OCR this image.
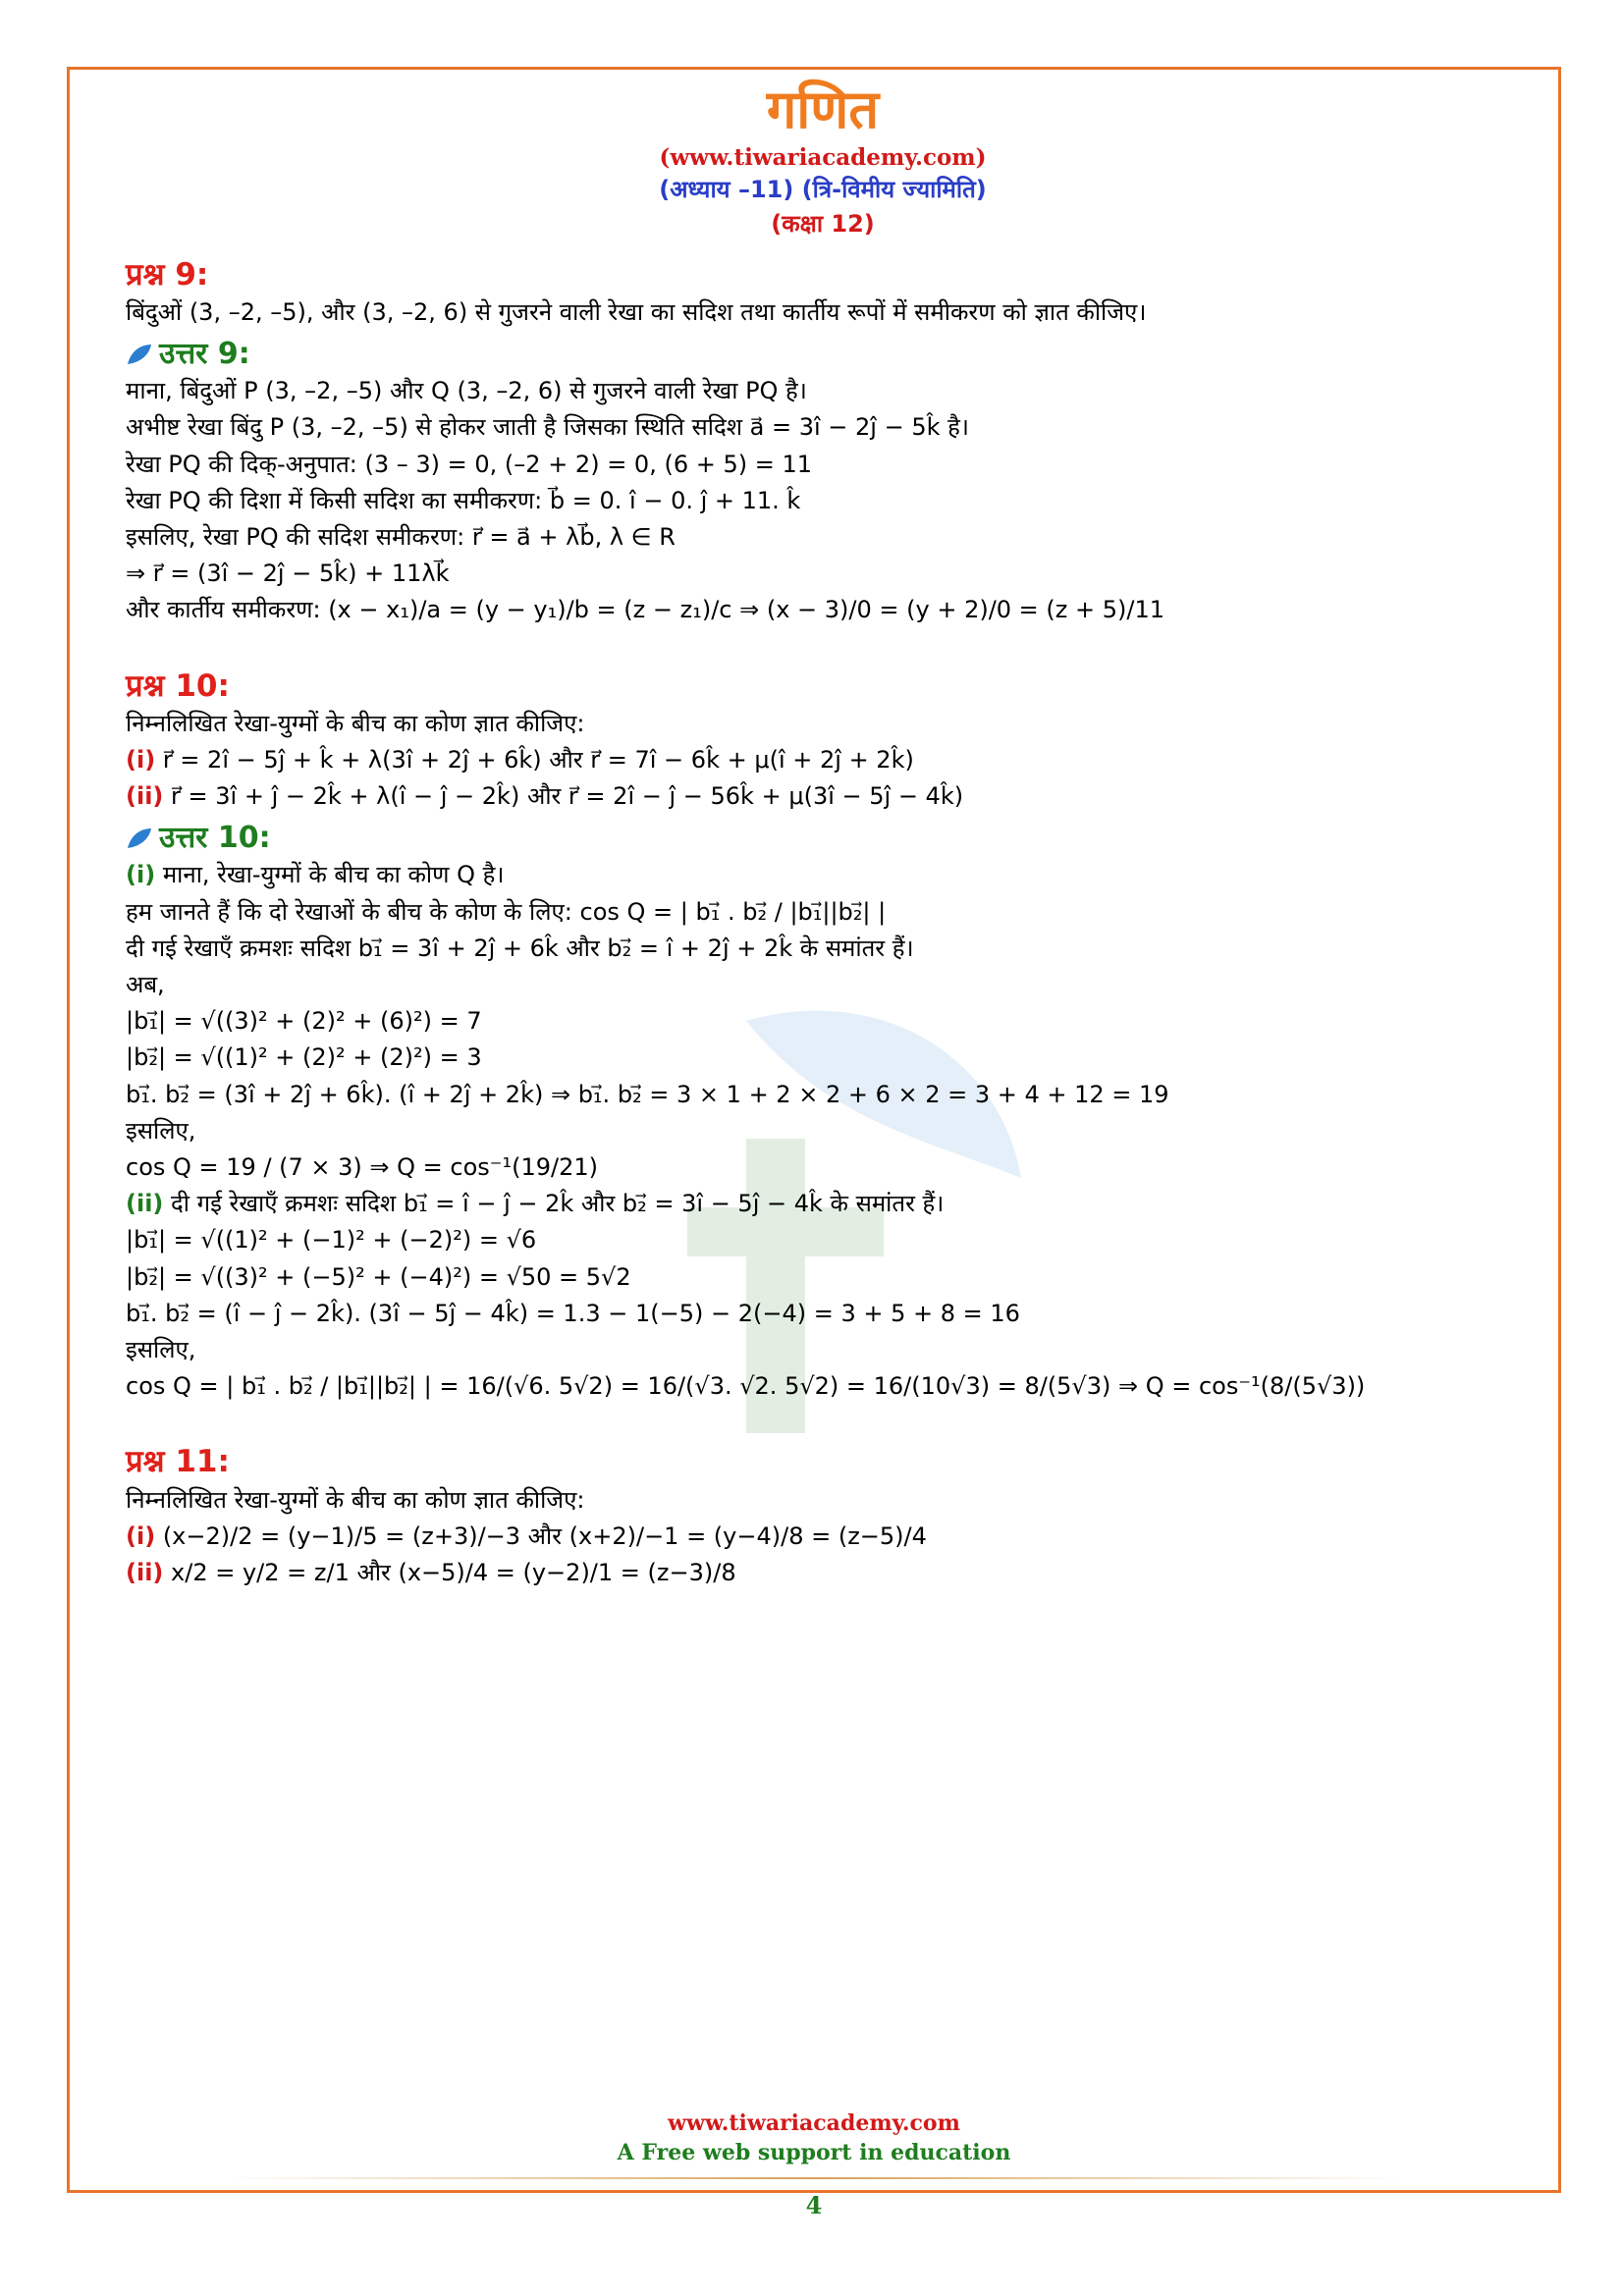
गणित
(www.tiwariacademy.com)
(अध्याय –11) (त्रि-विमीय ज्यामिति)
(कक्षा 12)
प्रश्न 9:
बिंदुओं (3, –2, –5), और (3, –2, 6) से गुजरने वाली रेखा का सदिश तथा कार्तीय रूपों में समीकरण को ज्ञात कीजिए।
उत्तर 9:
माना, बिंदुओं P (3, –2, –5) और Q (3, –2, 6) से गुजरने वाली रेखा PQ है।
अभीष्ट रेखा बिंदु P (3, –2, –5) से होकर जाती है जिसका स्थिति सदिश a⃗ = 3î − 2ĵ − 5k̂ है।
रेखा PQ की दिक्-अनुपात: (3 – 3) = 0, (–2 + 2) = 0, (6 + 5) = 11
रेखा PQ की दिशा में किसी सदिश का समीकरण: b⃗ = 0. î − 0. ĵ + 11. k̂
इसलिए, रेखा PQ की सदिश समीकरण: r⃗ = a⃗ + λb⃗, λ ∈ R
⇒ r⃗ = (3î − 2ĵ − 5k̂) + 11λk⃗
और कार्तीय समीकरण: (x − x₁)/a = (y − y₁)/b = (z − z₁)/c ⇒ (x − 3)/0 = (y + 2)/0 = (z + 5)/11
प्रश्न 10:
निम्नलिखित रेखा-युग्मों के बीच का कोण ज्ञात कीजिए:
(i) r⃗ = 2î − 5ĵ + k̂ + λ(3î + 2ĵ + 6k̂) और r⃗ = 7î − 6k̂ + μ(î + 2ĵ + 2k̂)
(ii) r⃗ = 3î + ĵ − 2k̂ + λ(î − ĵ − 2k̂) और r⃗ = 2î − ĵ − 56k̂ + μ(3î − 5ĵ − 4k̂)
उत्तर 10:
(i) माना, रेखा-युग्मों के बीच का कोण Q है।
हम जानते हैं कि दो रेखाओं के बीच के कोण के लिए: cos Q = | b₁⃗ . b₂⃗ / |b₁⃗||b₂⃗| |
दी गई रेखाएँ क्रमशः सदिश b₁⃗ = 3î + 2ĵ + 6k̂ और b₂⃗ = î + 2ĵ + 2k̂ के समांतर हैं।
अब,
|b₁⃗| = √((3)² + (2)² + (6)²) = 7
|b₂⃗| = √((1)² + (2)² + (2)²) = 3
b₁⃗. b₂⃗ = (3î + 2ĵ + 6k̂). (î + 2ĵ + 2k̂) ⇒ b₁⃗. b₂⃗ = 3 × 1 + 2 × 2 + 6 × 2 = 3 + 4 + 12 = 19
इसलिए,
cos Q = 19 / (7 × 3) ⇒ Q = cos⁻¹(19/21)
(ii) दी गई रेखाएँ क्रमशः सदिश b₁⃗ = î − ĵ − 2k̂ और b₂⃗ = 3î − 5ĵ − 4k̂ के समांतर हैं।
|b₁⃗| = √((1)² + (−1)² + (−2)²) = √6
|b₂⃗| = √((3)² + (−5)² + (−4)²) = √50 = 5√2
b₁⃗. b₂⃗ = (î − ĵ − 2k̂). (3î − 5ĵ − 4k̂) = 1.3 − 1(−5) − 2(−4) = 3 + 5 + 8 = 16
इसलिए,
cos Q = | b₁⃗ . b₂⃗ / |b₁⃗||b₂⃗| | = 16/(√6. 5√2) = 16/(√3. √2. 5√2) = 16/(10√3) = 8/(5√3) ⇒ Q = cos⁻¹(8/(5√3))
प्रश्न 11:
निम्नलिखित रेखा-युग्मों के बीच का कोण ज्ञात कीजिए:
(i) (x−2)/2 = (y−1)/5 = (z+3)/−3 और (x+2)/−1 = (y−4)/8 = (z−5)/4
(ii) x/2 = y/2 = z/1 और (x−5)/4 = (y−2)/1 = (z−3)/8
www.tiwariacademy.com
A Free web support in education
4
